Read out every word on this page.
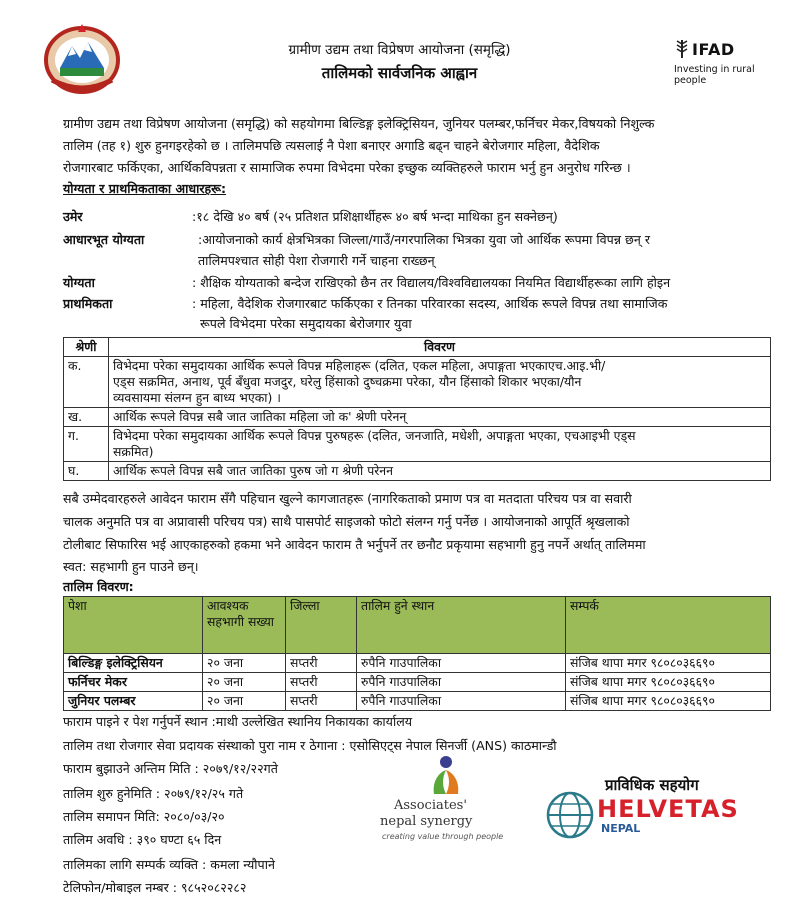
ग्रामीण उद्यम तथा विप्रेषण आयोजना (समृद्धि)
तालिमको सार्वजनिक आह्वान
IFAD
Investing in rural people
ग्रामीण उद्यम तथा विप्रेषण आयोजना (समृद्धि) को सहयोगमा बिल्डिङ्ग इलेक्ट्रिसियन, जुनियर पलम्बर,फर्निचर मेकर,विषयको निशुल्क
तालिम (तह १) शुरु हुनगइरहेको छ । तालिमपछि त्यसलाई नै पेशा बनाएर अगाडि बढ्न चाहने बेरोजगार महिला, वैदेशिक
रोजगारबाट फर्किएका, आर्थिकविपन्नता र सामाजिक रुपमा विभेदमा परेका इच्छुक व्यक्तिहरुले फाराम भर्नु हुन अनुरोध गरिन्छ ।
योग्यता र प्राथमिकताका आधारहरू:
उमेर	:१८ देखि ४० बर्ष (२५ प्रतिशत प्रशिक्षार्थीहरू ४० बर्ष भन्दा माथिका हुन सक्नेछन्)
आधारभूत योग्यता	:आयोजनाको कार्य क्षेत्रभित्रका जिल्ला/गाउँ/नगरपालिका भित्रका युवा जो आर्थिक रूपमा विपन्न छन् र
तालिमपश्चात सोही पेशा रोजगारी गर्ने चाहना राख्छन्
योग्यता	: शैक्षिक योग्यताको बन्देज राखिएको छैन तर विद्यालय/विश्वविद्यालयका नियमित विद्यार्थीहरूका लागि होइन
प्राथमिकता	: महिला, वैदेशिक रोजगारबाट फर्किएका र तिनका परिवारका सदस्य, आर्थिक रूपले विपन्न तथा सामाजिक
रूपले विभेदमा परेका समुदायका बेरोजगार युवा
श्रेणी	विवरण
क.	विभेदमा परेका समुदायका आर्थिक रूपले विपन्न महिलाहरू (दलित, एकल महिला, अपाङ्गता भएकाएच.आइ.भी/
एड्स सक्रमित, अनाथ, पूर्व बँधुवा मजदुर, घरेलु हिंसाको दुष्चक्रमा परेका, यौन हिंसाको शिकार भएका/यौन
व्यवसायमा संलग्न हुन बाध्य भएका) ।

ख.	आर्थिक रूपले विपन्न सबै जात जातिका महिला जो क' श्रेणी परेनन्

ग.	विभेदमा परेका समुदायका आर्थिक रूपले विपन्न पुरुषहरू (दलित, जनजाति, मधेशी, अपाङ्गता भएका, एचआइभी एड्स
सक्रमित)

घ.	आर्थिक रूपले विपन्न सबै जात जातिका पुरुष जो ग श्रेणी परेनन
सबै उम्मेदवारहरुले आवेदन फाराम सँगै पहिचान खुल्ने कागजातहरू (नागरिकताको प्रमाण पत्र वा मतदाता परिचय पत्र वा सवारी
चालक अनुमति पत्र वा अप्रावासी परिचय पत्र) साथै पासपोर्ट साइजको फोटो संलग्न गर्नु पर्नेछ । आयोजनाको आपूर्ति श्रृखलाको
टोलीबाट सिफारिस भई आएकाहरुको हकमा भने आवेदन फाराम तै भर्नुपर्ने तर छनौट प्रकृयामा सहभागी हुनु नपर्ने अर्थात् तालिममा
स्वत: सहभागी हुन पाउने छन्।
तालिम विवरण:
पेशा	आवश्यक सहभागी सख्या	जिल्ला	तालिम हुने स्थान	सम्पर्क
बिल्डिङ्ग इलेक्ट्रिसियन	२० जना	सप्तरी	रुपैनि गाउपालिका	संजिब थापा मगर ९८०८०३६६९०
फर्निचर मेकर	२० जना	सप्तरी	रुपैनि गाउपालिका	संजिब थापा मगर ९८०८०३६६९०
जुनियर पलम्बर	२० जना	सप्तरी	रुपैनि गाउपालिका	संजिब थापा मगर ९८०८०३६६९०
फाराम पाइने र पेश गर्नुपर्ने स्थान :माथी उल्लेखित स्थानिय निकायका कार्यालय
तालिम तथा रोजगार सेवा प्रदायक संस्थाको पुरा नाम र ठेगाना : एसोसिएट्स नेपाल सिनर्जी (ANS) काठमान्डौ
फाराम बुझाउने अन्तिम मिति : २०७९/१२/२२गते
तालिम शुरु हुनेमिति : २०७९/१२/२५ गते
तालिम समापन मिति: २०८०/०३/२०
तालिम अवधि : ३९० घण्टा ६५ दिन
तालिमका लागि सम्पर्क व्यक्ति : कमला न्यौपाने
टेलिफोन/मोबाइल नम्बर : ९८५२०८२२८२
Associates'
nepal synergy
creating value through people
प्राविधिक सहयोग
HELVETAS
NEPAL
